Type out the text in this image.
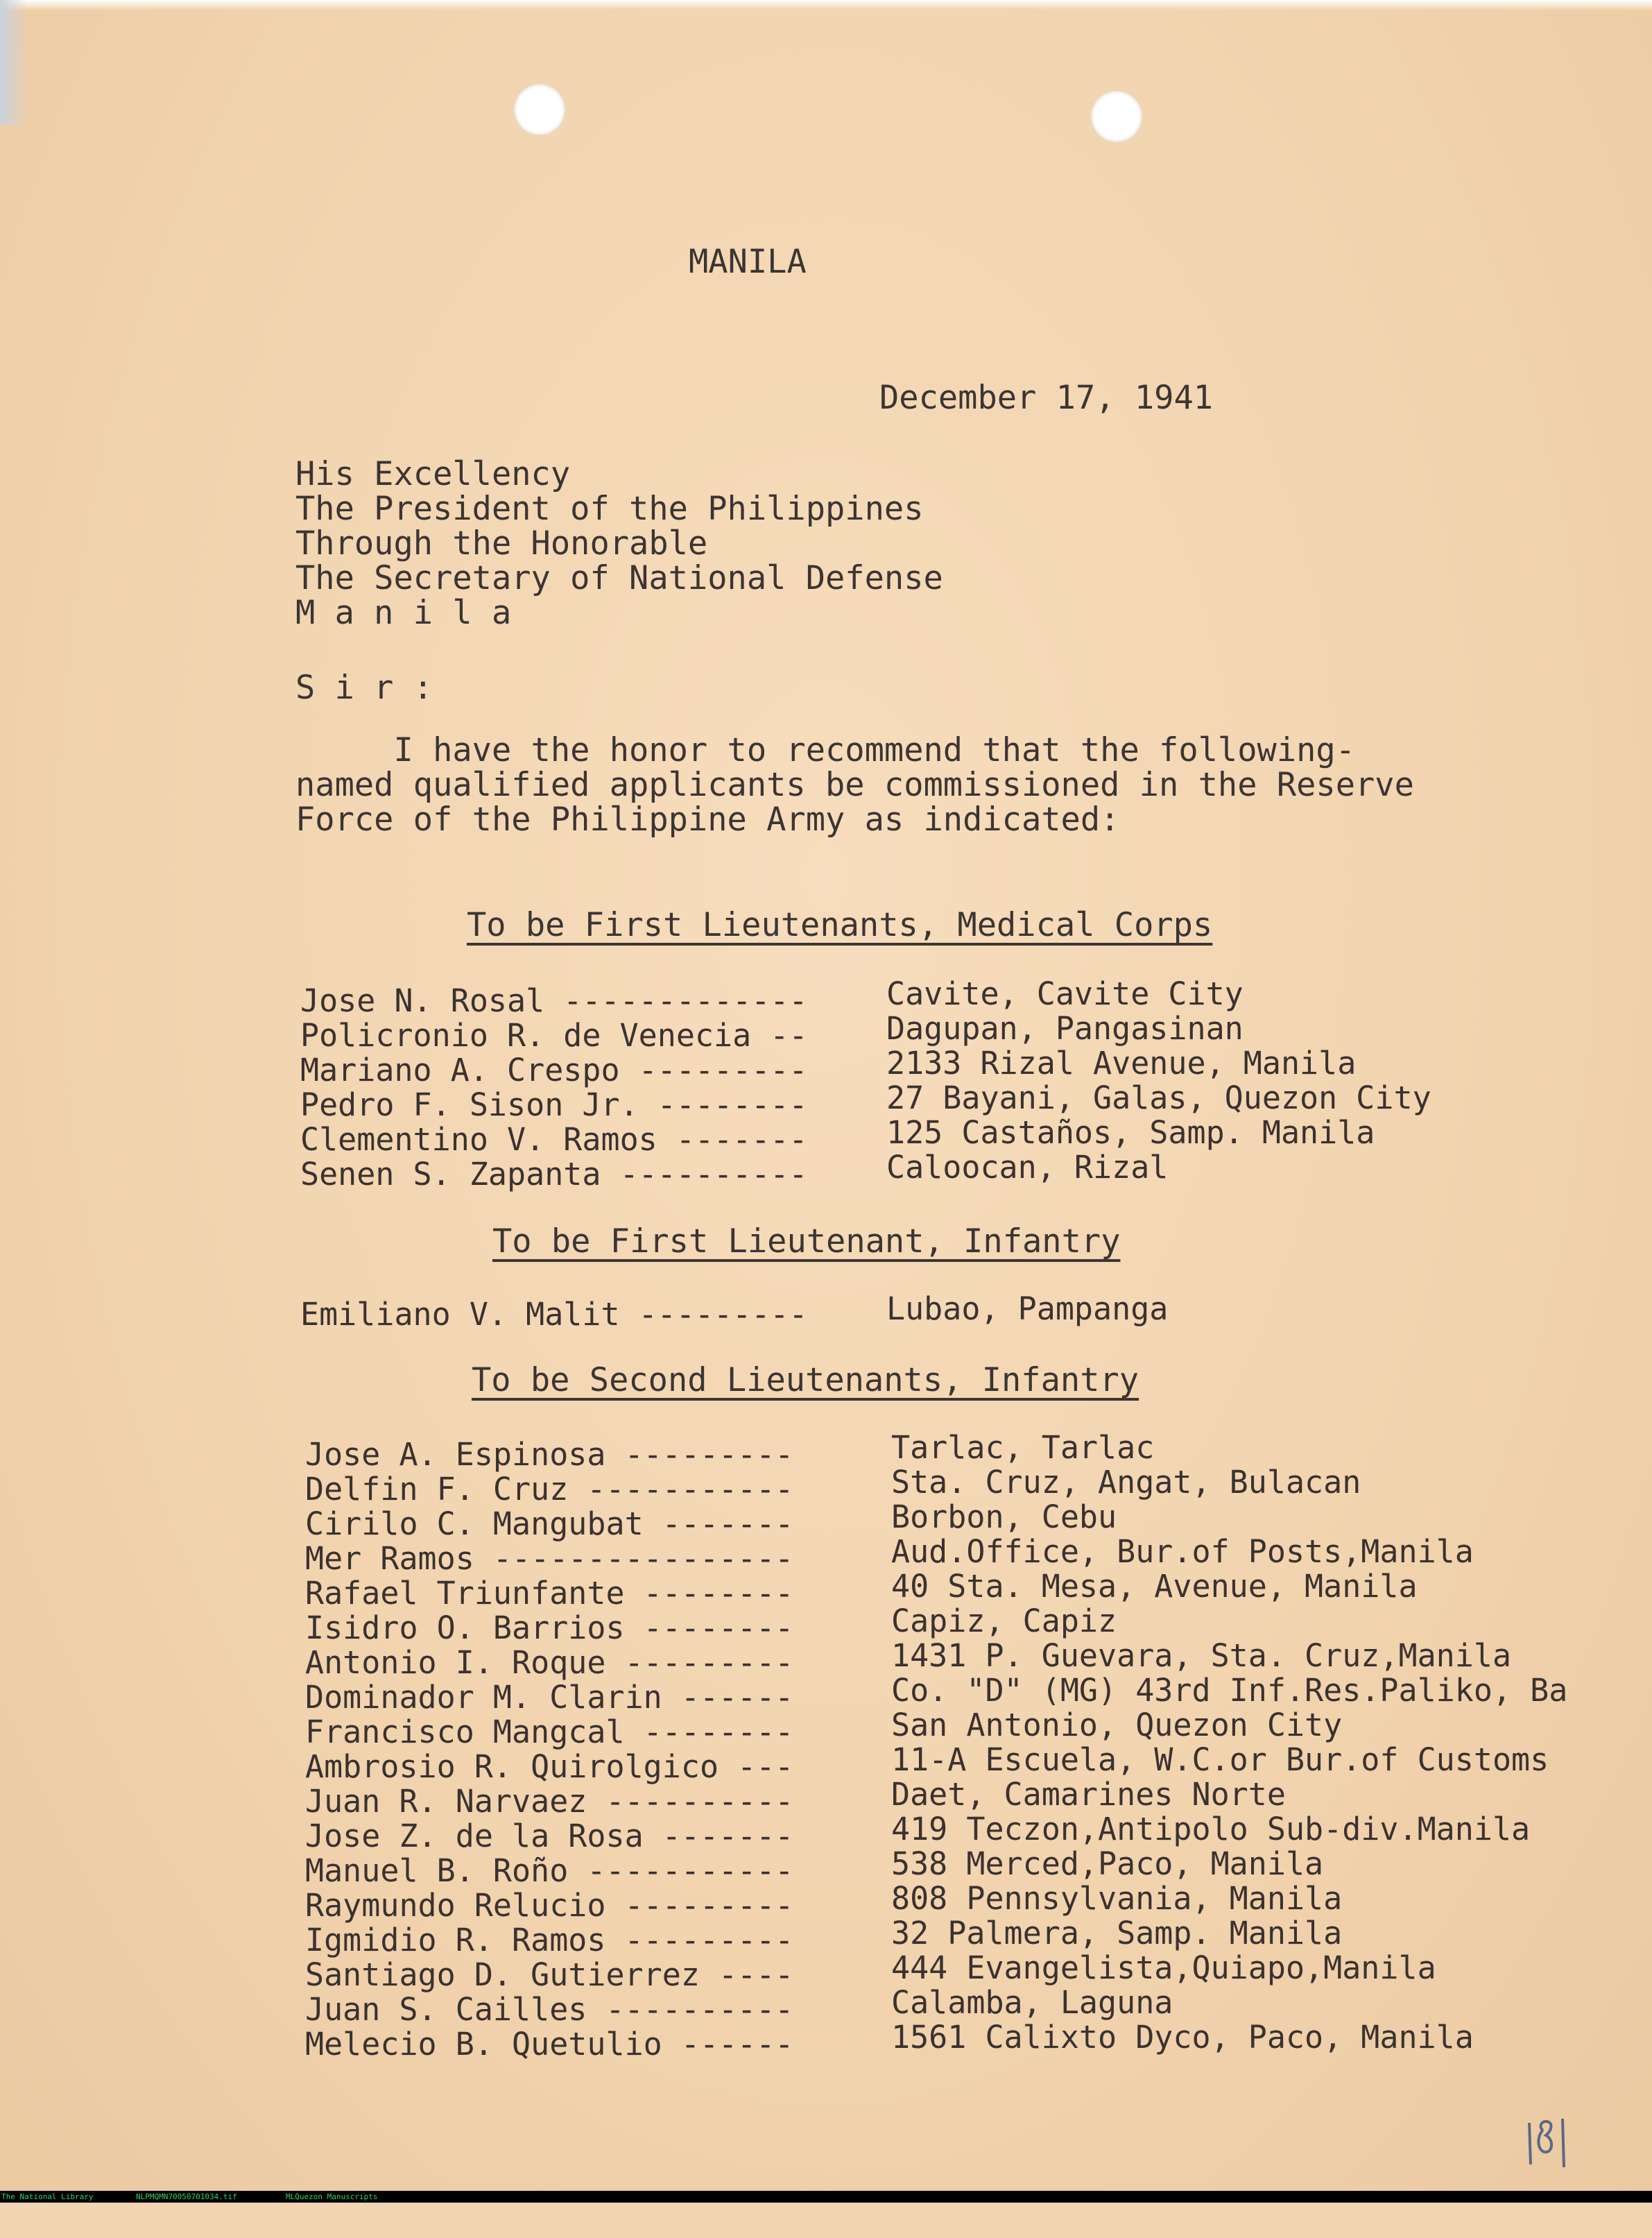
MANILA
December 17, 1941
His Excellency
The President of the Philippines
Through the Honorable
The Secretary of National Defense
M a n i l a
S i r :
I have the honor to recommend that the following-
named qualified applicants be commissioned in the Reserve
Force of the Philippine Army as indicated:
To be First Lieutenants, Medical Corps
Jose N. Rosal -------------	Cavite, Cavite City
Policronio R. de Venecia --	Dagupan, Pangasinan
Mariano A. Crespo ---------	2133 Rizal Avenue, Manila
Pedro F. Sison Jr. --------	27 Bayani, Galas, Quezon City
Clementino V. Ramos -------	125 Castaños, Samp. Manila
Senen S. Zapanta ----------	Caloocan, Rizal
To be First Lieutenant, Infantry
Emiliano V. Malit ---------	Lubao, Pampanga
To be Second Lieutenants, Infantry
Jose A. Espinosa ---------	Tarlac, Tarlac
Delfin F. Cruz -----------	Sta. Cruz, Angat, Bulacan
Cirilo C. Mangubat -------	Borbon, Cebu
Mer Ramos ----------------	Aud.Office, Bur.of Posts,Manila
Rafael Triunfante --------	40 Sta. Mesa, Avenue, Manila
Isidro O. Barrios --------	Capiz, Capiz
Antonio I. Roque ---------	1431 P. Guevara, Sta. Cruz,Manila
Dominador M. Clarin ------	Co. "D" (MG) 43rd Inf.Res.Paliko, Ba
Francisco Mangcal --------	San Antonio, Quezon City
Ambrosio R. Quirolgico ---	11-A Escuela, W.C.or Bur.of Customs
Juan R. Narvaez ----------	Daet, Camarines Norte
Jose Z. de la Rosa -------	419 Teczon,Antipolo Sub-div.Manila
Manuel B. Roño -----------	538 Merced,Paco, Manila
Raymundo Relucio ---------	808 Pennsylvania, Manila
Igmidio R. Ramos ---------	32 Palmera, Samp. Manila
Santiago D. Gutierrez ----	444 Evangelista,Quiapo,Manila
Juan S. Cailles ----------	Calamba, Laguna
Melecio B. Quetulio ------	1561 Calixto Dyco, Paco, Manila
181

The National Library

	NLPMQMN70050701034.tif

	MLQuezon Manuscripts
